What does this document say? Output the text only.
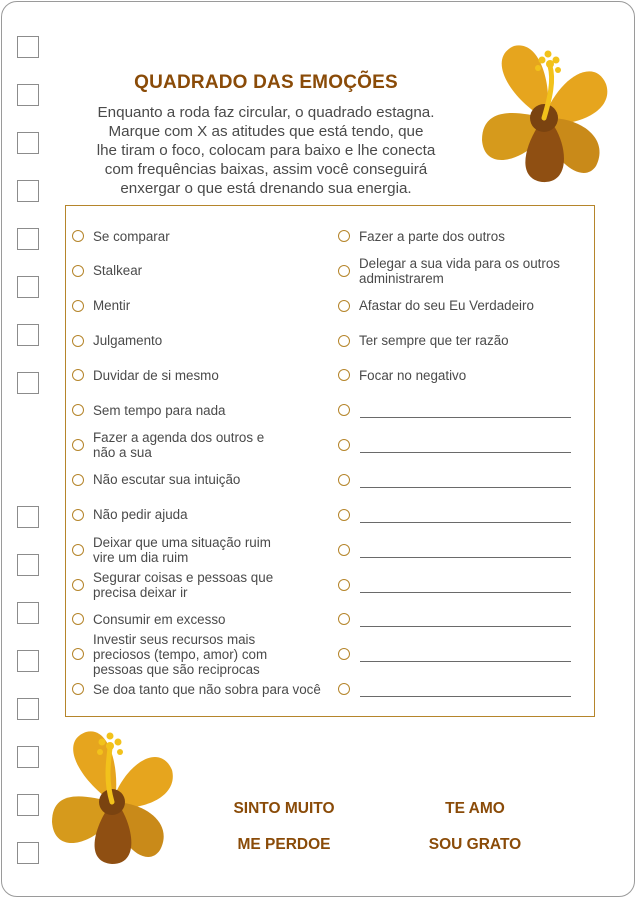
QUADRADO DAS EMOÇÕES
Enquanto a roda faz circular, o quadrado estagna.
Marque com X as atitudes que está tendo, que
lhe tiram o foco, colocam para baixo e lhe conecta
com frequências baixas, assim você conseguirá
enxergar o que está drenando sua energia.
Se comparar
Stalkear
Mentir
Julgamento
Duvidar de si mesmo
Sem tempo para nada
Fazer a agenda dos outros e
não a sua
Não escutar sua intuição
Não pedir ajuda
Deixar que uma situação ruim
vire um dia ruim
Segurar coisas e pessoas que
precisa deixar ir
Consumir em excesso
Investir seus recursos mais
preciosos (tempo, amor) com
pessoas que são reciprocas
Se doa tanto que não sobra para você
Fazer a parte dos outros
Delegar a sua vida para os outros
administrarem
Afastar do seu Eu Verdadeiro
Ter sempre que ter razão
Focar no negativo
SINTO MUITO	TE AMO
ME PERDOE	SOU GRATO
